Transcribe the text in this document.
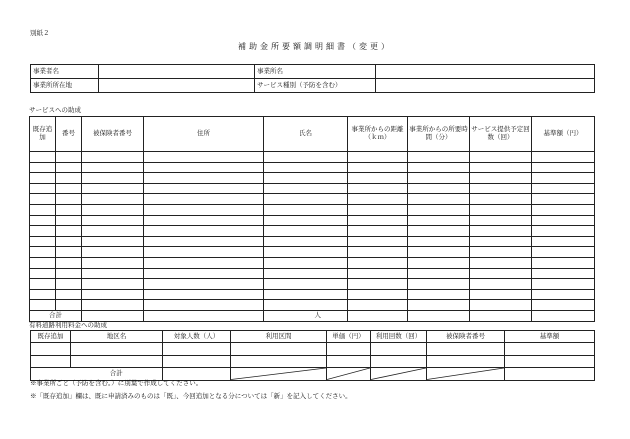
別紙２
補助金所要額調明細書（変更）
事業者名		事業所名	
事業所所在地		サービス種別（予防を含む）	
サービスへの助成
既存追加	番号	被保険者番号	住所	氏名	事業所からの距離（ｋｍ）	事業所からの所要時間（分）	サービス提供予定回数（回）	基準額（円）

合計				人				
有料道路利用料金への助成
既存追加	地区名	対象人数（人）	利用区間	単価（円）	利用回数（回）	被保険者番号	基準額

	合計		

※事業所ごと（予防を含む。）に別葉で作成してください。
※「既存追加」欄は、既に申請済みのものは「既」、今回追加となる分については「新」を記入してください。
